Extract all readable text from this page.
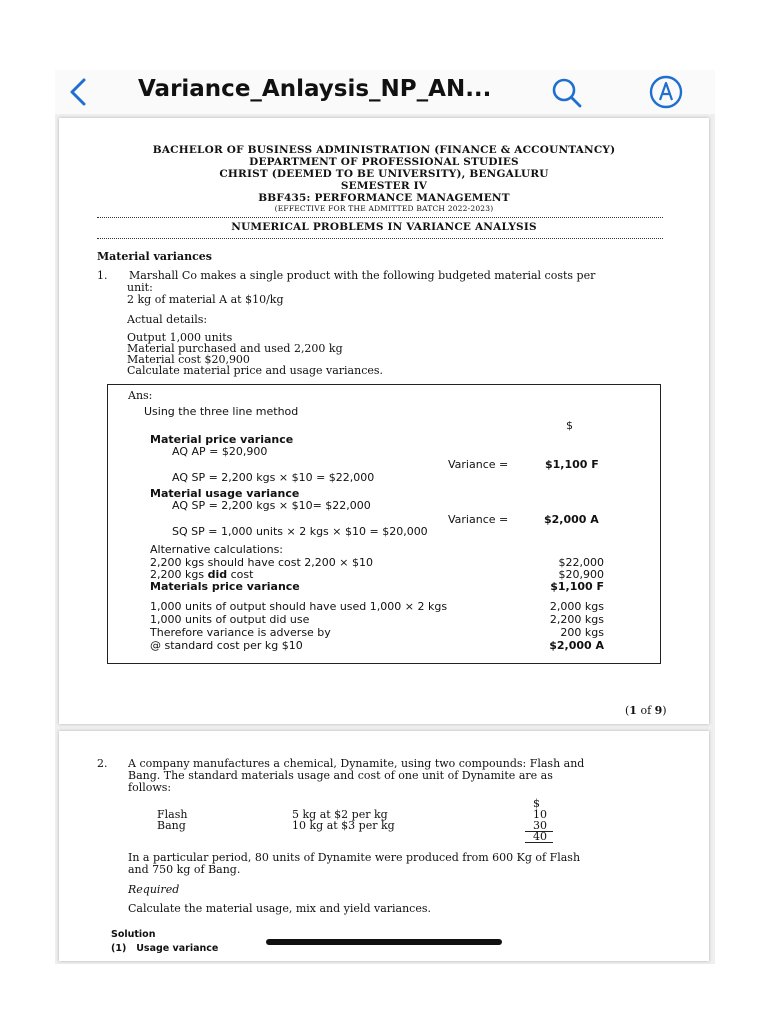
Variance_Anlaysis_NP_AN...
BACHELOR OF BUSINESS ADMINISTRATION (FINANCE & ACCOUNTANCY)
DEPARTMENT OF PROFESSIONAL STUDIES
CHRIST (DEEMED TO BE UNIVERSITY), BENGALURU
SEMESTER IV
BBF435: PERFORMANCE MANAGEMENT
(EFFECTIVE FOR THE ADMITTED BATCH 2022-2023)
NUMERICAL PROBLEMS IN VARIANCE ANALYSIS
Material variances
1. Marshall Co makes a single product with the following budgeted material costs per
unit:
2 kg of material A at $10/kg
Actual details:
Output 1,000 units
Material purchased and used 2,200 kg
Material cost $20,900
Calculate material price and usage variances.
Ans:
Using the three line method
$
Material price variance
AQ AP = $20,900
Variance =	$1,100 F
AQ SP = 2,200 kgs × $10 = $22,000
Material usage variance
AQ SP = 2,200 kgs × $10= $22,000
Variance =	$2,000 A
SQ SP = 1,000 units × 2 kgs × $10 = $20,000
Alternative calculations:
2,200 kgs should have cost 2,200 × $10	$22,000
2,200 kgs did cost	$20,900
Materials price variance	$1,100 F
1,000 units of output should have used 1,000 × 2 kgs	2,000 kgs
1,000 units of output did use	2,200 kgs
Therefore variance is adverse by	200 kgs
@ standard cost per kg $10	$2,000 A
(1 of 9)
2. A company manufactures a chemical, Dynamite, using two compounds: Flash and
Bang. The standard materials usage and cost of one unit of Dynamite are as
follows:
$
Flash	5 kg at $2 per kg	10
Bang	10 kg at $3 per kg	30
40
In a particular period, 80 units of Dynamite were produced from 600 Kg of Flash
and 750 kg of Bang.
Required
Calculate the material usage, mix and yield variances.
Solution
(1)   Usage variance
